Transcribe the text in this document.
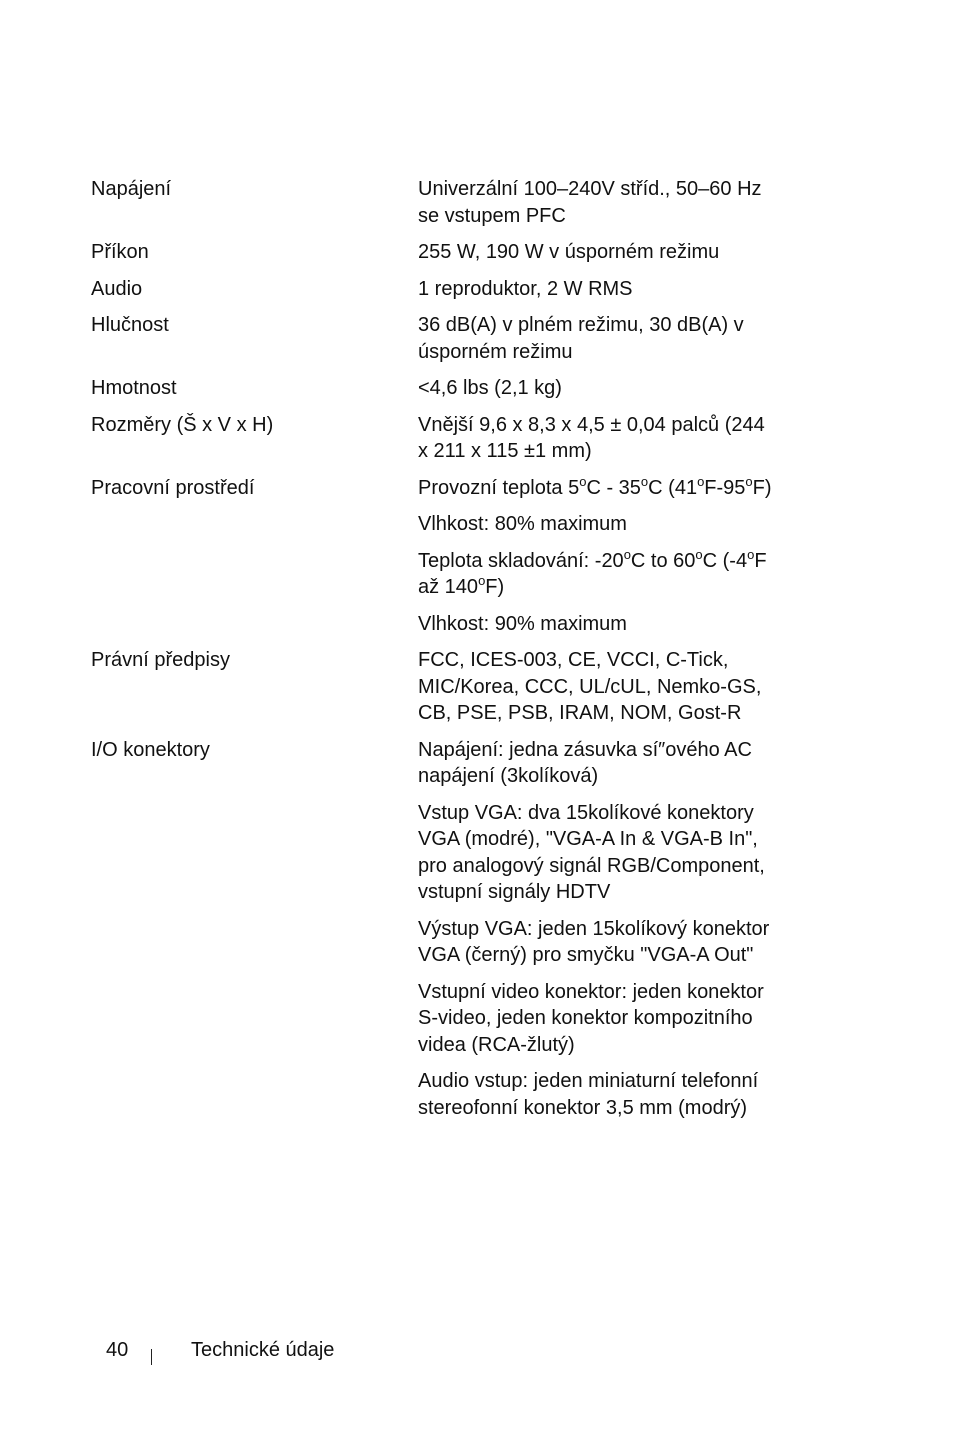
Napájení	Univerzální 100–240V stříd., 50–60 Hz se vstupem PFC
Příkon	255 W, 190 W v úsporném režimu
Audio	1 reproduktor, 2 W RMS
Hlučnost	36 dB(A) v plném režimu, 30 dB(A) v úsporném režimu
Hmotnost	<4,6 lbs (2,1 kg)
Rozměry (Š x V x H)	Vnější 9,6 x 8,3 x 4,5 ± 0,04 palců (244 x 211 x 115 ±1 mm)
Pracovní prostředí	Provozní teplota 5$^o$C - 35$^o$C (41$^o$F-95$^o$F)
Vlhkost: 80% maximum
Teplota skladování: -20$^o$C to 60$^o$C (-4$^o$F až 140$^o$F)
Vlhkost: 90% maximum
Právní předpisy	FCC, ICES-003, CE, VCCI, C-Tick, MIC/Korea, CCC, UL/cUL, Nemko-GS, CB, PSE, PSB, IRAM, NOM, Gost-R
I/O konektory	Napájení: jedna zásuvka sí″ového AC napájení (3kolíková)
Vstup VGA: dva 15kolíkové konektory VGA (modré), "VGA-A In & VGA-B In", pro analogový signál RGB/Component, vstupní signály HDTV
Výstup VGA: jeden 15kolíkový konektor VGA (černý) pro smyčku "VGA-A Out"
Vstupní video konektor: jeden konektor S-video, jeden konektor kompozitního videa (RCA-žlutý)
Audio vstup: jeden miniaturní telefonní stereofonní konektor 3,5 mm (modrý)
40	Technické údaje
